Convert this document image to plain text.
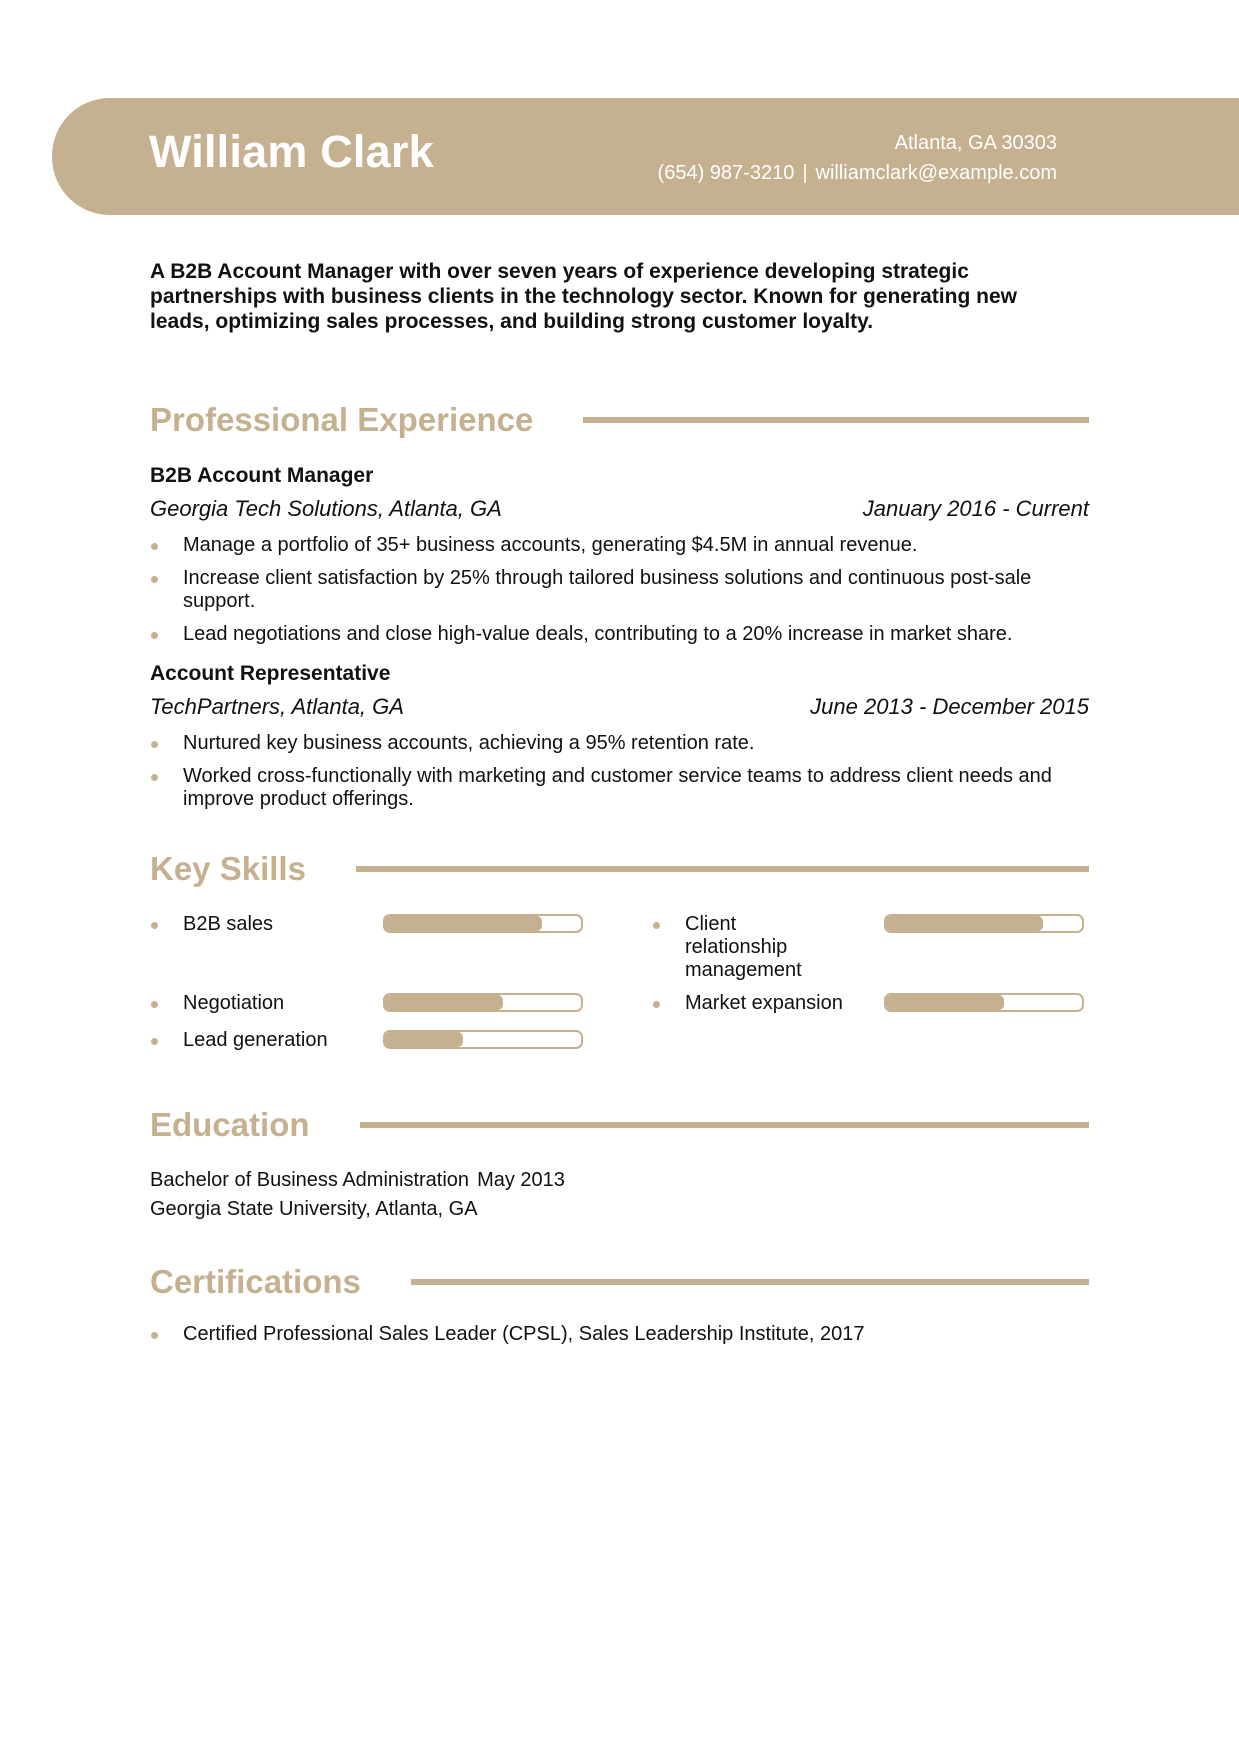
William Clark	Atlanta, GA 30303
(654) 987-3210 | williamclark@example.com
A B2B Account Manager with over seven years of experience developing strategic partnerships with business clients in the technology sector. Known for generating new leads, optimizing sales processes, and building strong customer loyalty.
Professional Experience
B2B Account Manager
Georgia Tech Solutions, Atlanta, GA	January 2016 - Current
Manage a portfolio of 35+ business accounts, generating $4.5M in annual revenue.
Increase client satisfaction by 25% through tailored business solutions and continuous post-sale support.
Lead negotiations and close high-value deals, contributing to a 20% increase in market share.
Account Representative
TechPartners, Atlanta, GA	June 2013 - December 2015
Nurtured key business accounts, achieving a 95% retention rate.
Worked cross-functionally with marketing and customer service teams to address client needs and improve product offerings.
Key Skills
B2B sales	Client relationship management
Negotiation	Market expansion
Lead generation
Education
Bachelor of Business Administration May 2013
Georgia State University, Atlanta, GA
Certifications
Certified Professional Sales Leader (CPSL), Sales Leadership Institute, 2017
